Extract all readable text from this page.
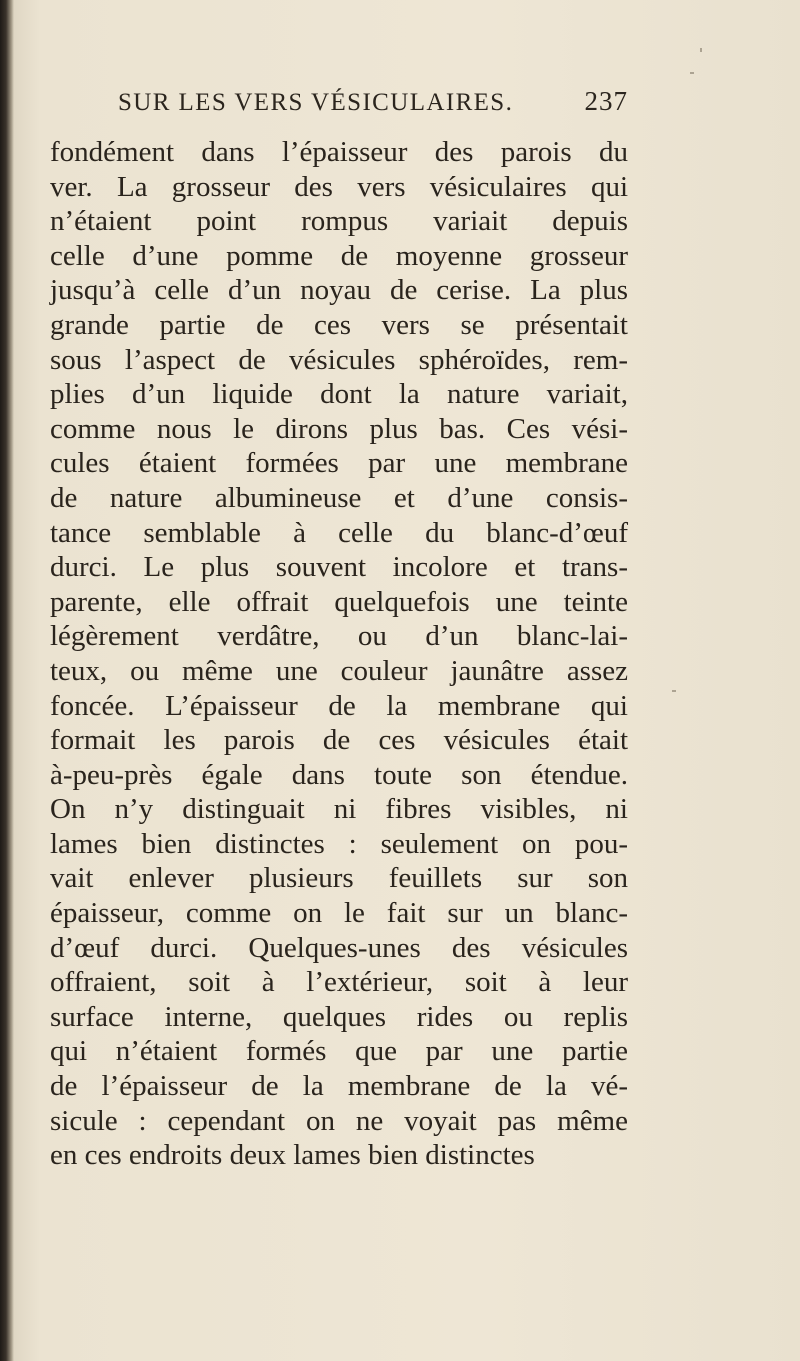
SUR LES VERS VÉSICULAIRES.	237
fondément dans l’épaisseur des parois du
ver. La grosseur des vers vésiculaires qui
n’étaient point rompus variait depuis
celle d’une pomme de moyenne grosseur
jusqu’à celle d’un noyau de cerise. La plus
grande partie de ces vers se présentait
sous l’aspect de vésicules sphéroïdes, rem-
plies d’un liquide dont la nature variait,
comme nous le dirons plus bas. Ces vési-
cules étaient formées par une membrane
de nature albumineuse et d’une consis-
tance semblable à celle du blanc-d’œuf
durci. Le plus souvent incolore et trans-
parente, elle offrait quelquefois une teinte
légèrement verdâtre, ou d’un blanc-lai-
teux, ou même une couleur jaunâtre assez
foncée. L’épaisseur de la membrane qui
formait les parois de ces vésicules était
à-peu-près égale dans toute son étendue.
On n’y distinguait ni fibres visibles, ni
lames bien distinctes : seulement on pou-
vait enlever plusieurs feuillets sur son
épaisseur, comme on le fait sur un blanc-
d’œuf durci. Quelques-unes des vésicules
offraient, soit à l’extérieur, soit à leur
surface interne, quelques rides ou replis
qui n’étaient formés que par une partie
de l’épaisseur de la membrane de la vé-
sicule : cependant on ne voyait pas même
en ces endroits deux lames bien distinctes
